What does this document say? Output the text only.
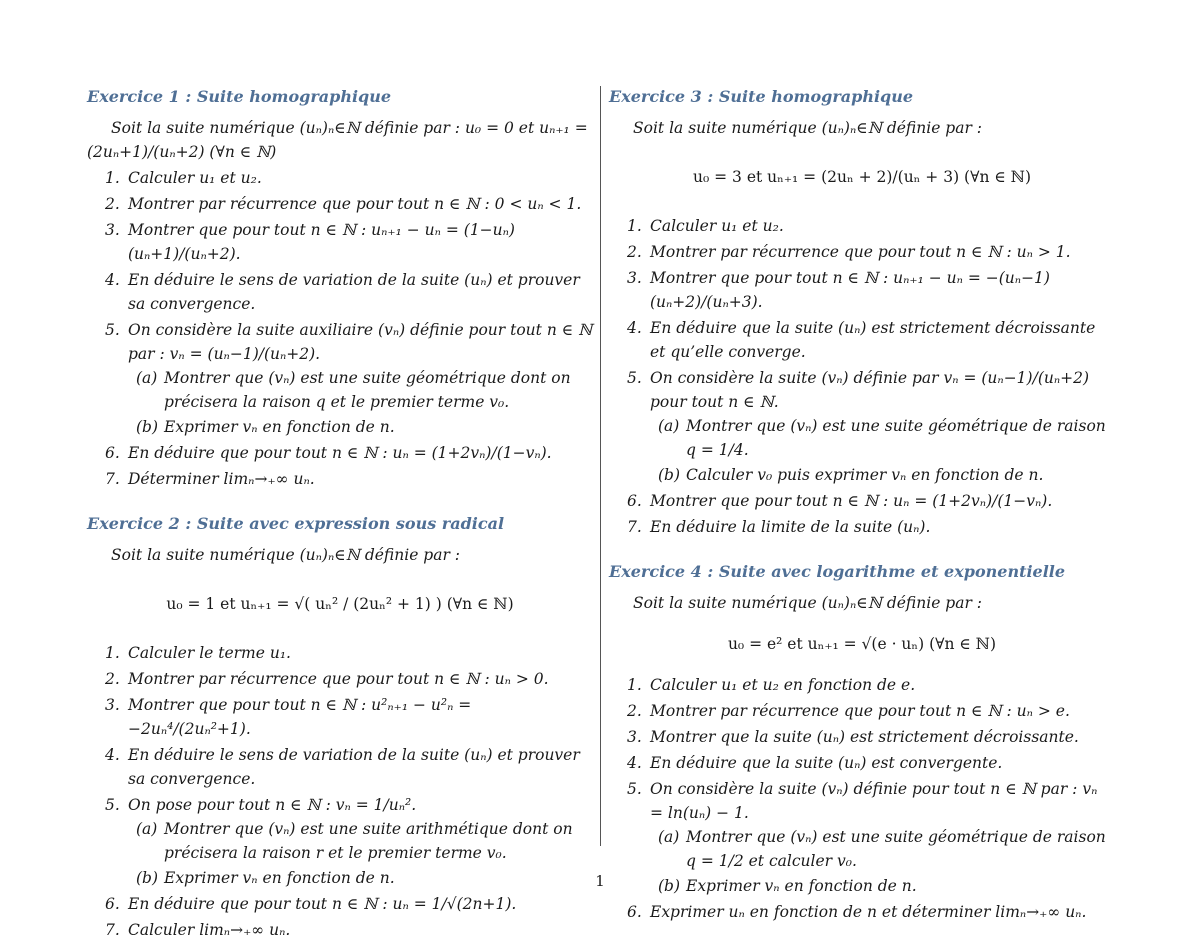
Exercice 1 : Suite homographique

Soit la suite numérique (uₙ)ₙ∈ℕ définie par : u₀ = 0 et uₙ₊₁ = (2uₙ+1)/(uₙ+2) (∀n ∈ ℕ)

1. Calculer u₁ et u₂.
2. Montrer par récurrence que pour tout n ∈ ℕ : 0 < uₙ < 1.
3. Montrer que pour tout n ∈ ℕ : uₙ₊₁ − uₙ = (1−uₙ)(uₙ+1)/(uₙ+2).
4. En déduire le sens de variation de la suite (uₙ) et prouver sa convergence.
5. On considère la suite auxiliaire (vₙ) définie pour tout n ∈ ℕ par : vₙ = (uₙ−1)/(uₙ+2).
(a) Montrer que (vₙ) est une suite géométrique dont on précisera la raison q et le premier terme v₀.
(b) Exprimer vₙ en fonction de n.
6. En déduire que pour tout n ∈ ℕ : uₙ = (1+2vₙ)/(1−vₙ).
7. Déterminer limₙ→₊∞ uₙ.
Exercice 2 : Suite avec expression sous radical

Soit la suite numérique (uₙ)ₙ∈ℕ définie par :

u₀ = 1 et uₙ₊₁ = √( uₙ² / (2uₙ² + 1) ) (∀n ∈ ℕ)
1. Calculer le terme u₁.
2. Montrer par récurrence que pour tout n ∈ ℕ : uₙ > 0.
3. Montrer que pour tout n ∈ ℕ : u²ₙ₊₁ − u²ₙ = −2uₙ⁴/(2uₙ²+1).
4. En déduire le sens de variation de la suite (uₙ) et prouver sa convergence.
5. On pose pour tout n ∈ ℕ : vₙ = 1/uₙ².
(a) Montrer que (vₙ) est une suite arithmétique dont on précisera la raison r et le premier terme v₀.
(b) Exprimer vₙ en fonction de n.
6. En déduire que pour tout n ∈ ℕ : uₙ = 1/√(2n+1).
7. Calculer limₙ→₊∞ uₙ.
Exercice 3 : Suite homographique

Soit la suite numérique (uₙ)ₙ∈ℕ définie par :

u₀ = 3 et uₙ₊₁ = (2uₙ + 2)/(uₙ + 3) (∀n ∈ ℕ)
1. Calculer u₁ et u₂.
2. Montrer par récurrence que pour tout n ∈ ℕ : uₙ > 1.
3. Montrer que pour tout n ∈ ℕ : uₙ₊₁ − uₙ = −(uₙ−1)(uₙ+2)/(uₙ+3).
4. En déduire que la suite (uₙ) est strictement décroissante et qu’elle converge.
5. On considère la suite (vₙ) définie par vₙ = (uₙ−1)/(uₙ+2) pour tout n ∈ ℕ.
(a) Montrer que (vₙ) est une suite géométrique de raison q = 1/4.
(b) Calculer v₀ puis exprimer vₙ en fonction de n.
6. Montrer que pour tout n ∈ ℕ : uₙ = (1+2vₙ)/(1−vₙ).
7. En déduire la limite de la suite (uₙ).
Exercice 4 : Suite avec logarithme et exponentielle

Soit la suite numérique (uₙ)ₙ∈ℕ définie par :

u₀ = e² et uₙ₊₁ = √(e · uₙ) (∀n ∈ ℕ)
1. Calculer u₁ et u₂ en fonction de e.
2. Montrer par récurrence que pour tout n ∈ ℕ : uₙ > e.
3. Montrer que la suite (uₙ) est strictement décroissante.
4. En déduire que la suite (uₙ) est convergente.
5. On considère la suite (vₙ) définie pour tout n ∈ ℕ par : vₙ = ln(uₙ) − 1.
(a) Montrer que (vₙ) est une suite géométrique de raison q = 1/2 et calculer v₀.
(b) Exprimer vₙ en fonction de n.
6. Exprimer uₙ en fonction de n et déterminer limₙ→₊∞ uₙ.
1
